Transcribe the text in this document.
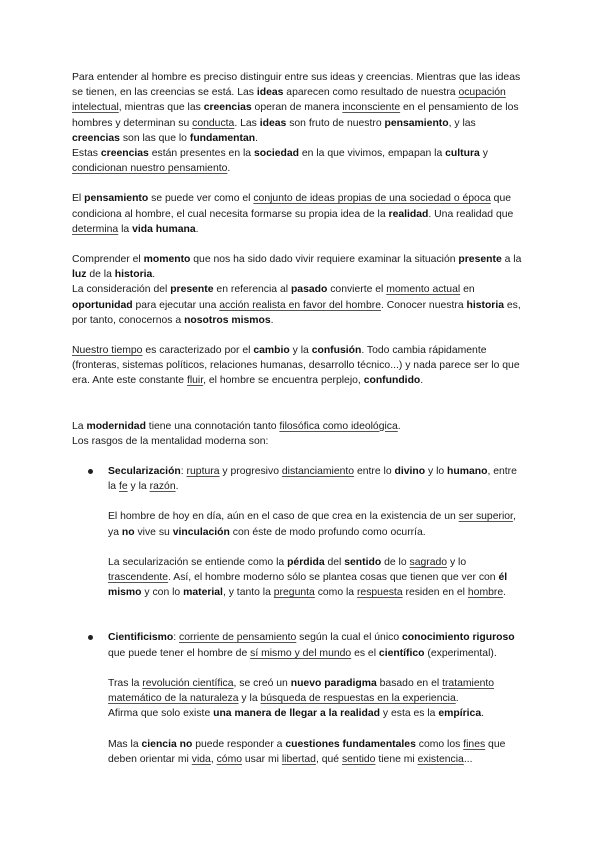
Para entender al hombre es preciso distinguir entre sus ideas y creencias. Mientras que las ideas se tienen, en las creencias se está. Las ideas aparecen como resultado de nuestra ocupación intelectual, mientras que las creencias operan de manera inconsciente en el pensamiento de los hombres y determinan su conducta. Las ideas son fruto de nuestro pensamiento, y las creencias son las que lo fundamentan.

Estas creencias están presentes en la sociedad en la que vivimos, empapan la cultura y condicionan nuestro pensamiento.

El pensamiento se puede ver como el conjunto de ideas propias de una sociedad o época que condiciona al hombre, el cual necesita formarse su propia idea de la realidad. Una realidad que determina la vida humana.

Comprender el momento que nos ha sido dado vivir requiere examinar la situación presente a la luz de la historia.

La consideración del presente en referencia al pasado convierte el momento actual en oportunidad para ejecutar una acción realista en favor del hombre. Conocer nuestra historia es, por tanto, conocernos a nosotros mismos.

Nuestro tiempo es caracterizado por el cambio y la confusión. Todo cambia rápidamente (fronteras, sistemas políticos, relaciones humanas, desarrollo técnico...) y nada parece ser lo que era. Ante este constante fluir, el hombre se encuentra perplejo, confundido.

La modernidad tiene una connotación tanto filosófica como ideológica.

Los rasgos de la mentalidad moderna son:

Secularización: ruptura y progresivo distanciamiento entre lo divino y lo humano, entre la fe y la razón.

El hombre de hoy en día, aún en el caso de que crea en la existencia de un ser superior, ya no vive su vinculación con éste de modo profundo como ocurría.

La secularización se entiende como la pérdida del sentido de lo sagrado y lo trascendente. Así, el hombre moderno sólo se plantea cosas que tienen que ver con él mismo y con lo material, y tanto la pregunta como la respuesta residen en el hombre.

Cientificismo: corriente de pensamiento según la cual el único conocimiento riguroso que puede tener el hombre de sí mismo y del mundo es el científico (experimental).

Tras la revolución científica, se creó un nuevo paradigma basado en el tratamiento matemático de la naturaleza y la búsqueda de respuestas en la experiencia.
Afirma que solo existe una manera de llegar a la realidad y esta es la empírica.

Mas la ciencia no puede responder a cuestiones fundamentales como los fines que deben orientar mi vida, cómo usar mi libertad, qué sentido tiene mi existencia...
